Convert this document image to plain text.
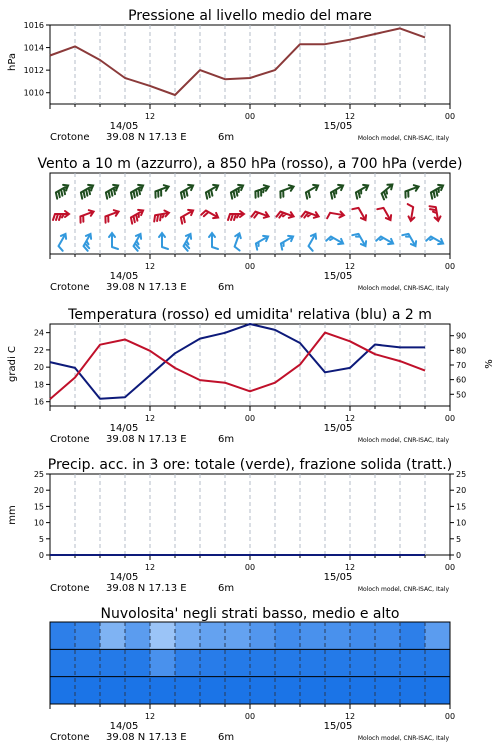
Pressione al livello medio del mare
hPa
1010
1012
1014
1016
12	00	12	00
14/05	15/05
Crotone 39.08 N 17.13 E	6m	Moloch model, CNR-ISAC, Italy
Vento a 10 m (azzurro), a 850 hPa (rosso), a 700 hPa (verde)
12	00	12	00
14/05	15/05
Crotone 39.08 N 17.13 E	6m	Moloch model, CNR-ISAC, Italy
Temperatura (rosso) ed umidita' relativa (blu) a 2 m
gradi C	%
16
18
20
22
24
50
60
70
80
90
12	00	12	00
14/05	15/05
Crotone 39.08 N 17.13 E	6m	Moloch model, CNR-ISAC, Italy
Precip. acc. in 3 ore: totale (verde), frazione solida (tratt.)
mm
0	0
5	5
10	10
15	15
20	20
25	25
12	00	12	00
14/05	15/05
Crotone 39.08 N 17.13 E	6m	Moloch model, CNR-ISAC, Italy
Nuvolosita' negli strati basso, medio e alto
12	00	12	00
14/05	15/05
Crotone 39.08 N 17.13 E	6m	Moloch model, CNR-ISAC, Italy
